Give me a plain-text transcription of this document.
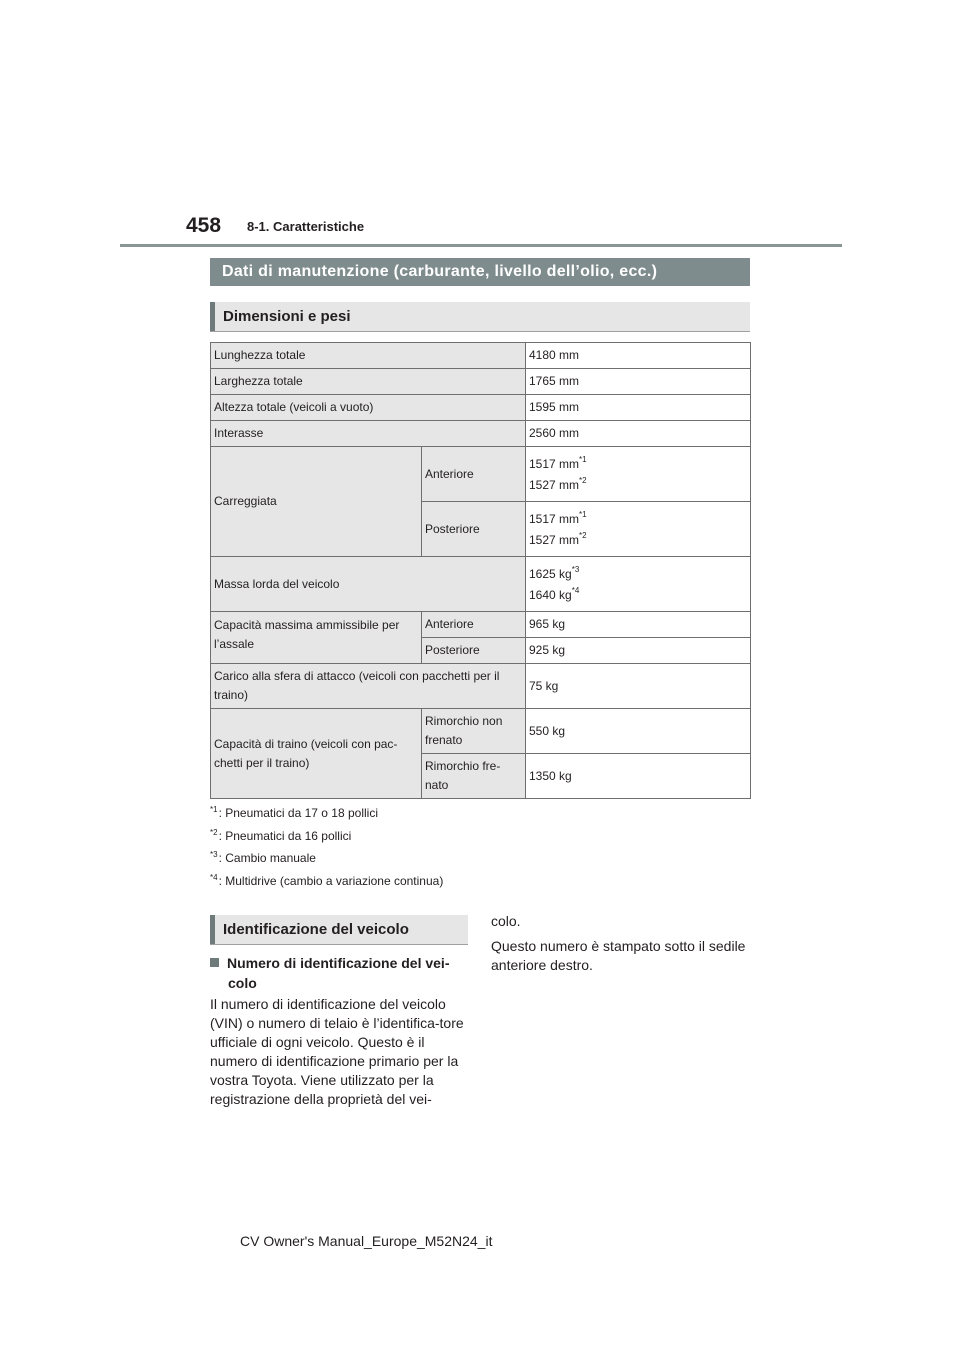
458 8-1. Caratteristiche
Dati di manutenzione (carburante, livello dell’olio, ecc.)
Dimensioni e pesi
Lunghezza totale		4180 mm
Larghezza totale		1765 mm
Altezza totale (veicoli a vuoto)		1595 mm
Interasse		2560 mm
Carreggiata	Anteriore	1517 $mm^{*1}$
1527 $mm^{*2}$

	Posteriore	1517 $mm^{*1}$
1527 $mm^{*2}$

Massa lorda del veicolo		1625 $kg^{*3}$
1640 $kg^{*4}$

Capacità massima ammissibile per l’assale	Anteriore	965 kg
	Posteriore	925 kg
Carico alla sfera di attacco (veicoli con pacchetti per il traino)		75 kg
Capacità di traino (veicoli con pac-chetti per il traino)	Rimorchio non frenato	550 kg
	Rimorchio fre-nato	1350 kg
$^{*1}$: Pneumatici da 17 o 18 pollici
$^{*2}$: Pneumatici da 16 pollici
$^{*3}$: Cambio manuale
$^{*4}$: Multidrive (cambio a variazione continua)
Identificazione del veicolo
Numero di identificazione del vei-
colo
Il numero di identificazione del veicolo (VIN) o numero di telaio è l’identifica-tore ufficiale di ogni veicolo. Questo è il numero di identificazione primario per la vostra Toyota. Viene utilizzato per la registrazione della proprietà del vei-

colo.

Questo numero è stampato sotto il sedile anteriore destro.

CV Owner's Manual_Europe_M52N24_it
